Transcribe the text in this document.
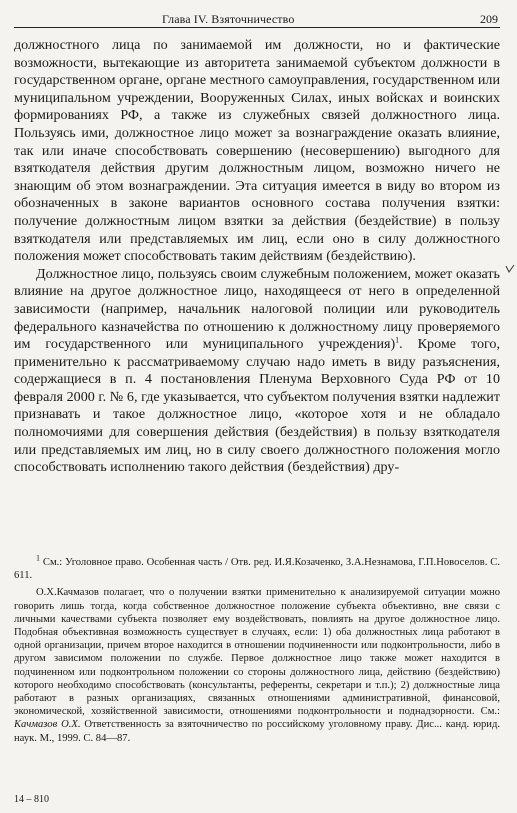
Глава IV. Взяточничество	209

должностного лица по занимаемой им должности, но и фактические возможности, вытекающие из авторитета занимаемой субъектом должности в государственном органе, органе местного самоуправления, государственном или муниципальном учреждении, Вооруженных Силах, иных войсках и воинских формированиях РФ, а также из служебных связей должностного лица. Пользуясь ими, должностное лицо может за вознаграждение оказать влияние, так или иначе способствовать совершению (несовершению) выгодного для взяткодателя действия другим должностным лицом, возможно ничего не знающим об этом вознаграждении. Эта ситуация имеется в виду во втором из обозначенных в законе вариантов основного состава получения взятки: получение должностным лицом взятки за действия (бездействие) в пользу взяткодателя или представляемых им лиц, если оно в силу должностного положения может способствовать таким действиям (бездействию).

Должностное лицо, пользуясь своим служебным положением, может оказать влияние на другое должностное лицо, находящееся от него в определенной зависимости (например, начальник налоговой полиции или руководитель федерального казначейства по отношению к должностному лицу проверяемого им государственного или муниципального учреждения)$^1$. Кроме того, применительно к рассматриваемому случаю надо иметь в виду разъяснения, содержащиеся в п. 4 постановления Пленума Верховного Суда РФ от 10 февраля 2000 г. № 6, где указывается, что субъектом получения взятки надлежит признавать и такое должностное лицо, «которое хотя и не обладало полномочиями для совершения действия (бездействия) в пользу взяткодателя или представляемых им лиц, но в силу своего должностного положения могло способствовать исполнению такого действия (бездействия) дру-

$^1$ См.: Уголовное право. Особенная часть / Отв. ред. И.Я.Козаченко, З.А.Незнамова, Г.П.Новоселов. С. 611.

О.Х.Качмазов полагает, что о получении взятки применительно к анализируемой ситуации можно говорить лишь тогда, когда собственное должностное положение субъекта объективно, вне связи с личными качествами субъекта позволяет ему воздействовать, повлиять на другое должностное лицо. Подобная объективная возможность существует в случаях, если: 1) оба должностных лица работают в одной организации, причем второе находится в отношении подчиненности или подконтрольности, либо в другом зависимом положении по службе. Первое должностное лицо также может находится в подчиненном или подконтрольном положении со стороны должностного лица, действию (бездействию) которого необходимо способствовать (консультанты, референты, секретари и т.п.); 2) должностные лица работают в разных организациях, связанных отношениями административной, финансовой, экономической, хозяйственной зависимости, отношениями подконтрольности и поднадзорности. См.: Качмазов О.Х. Ответственность за взяточничество по российскому уголовному праву. Дис... канд. юрид. наук. М., 1999. С. 84—87.

14 – 810
